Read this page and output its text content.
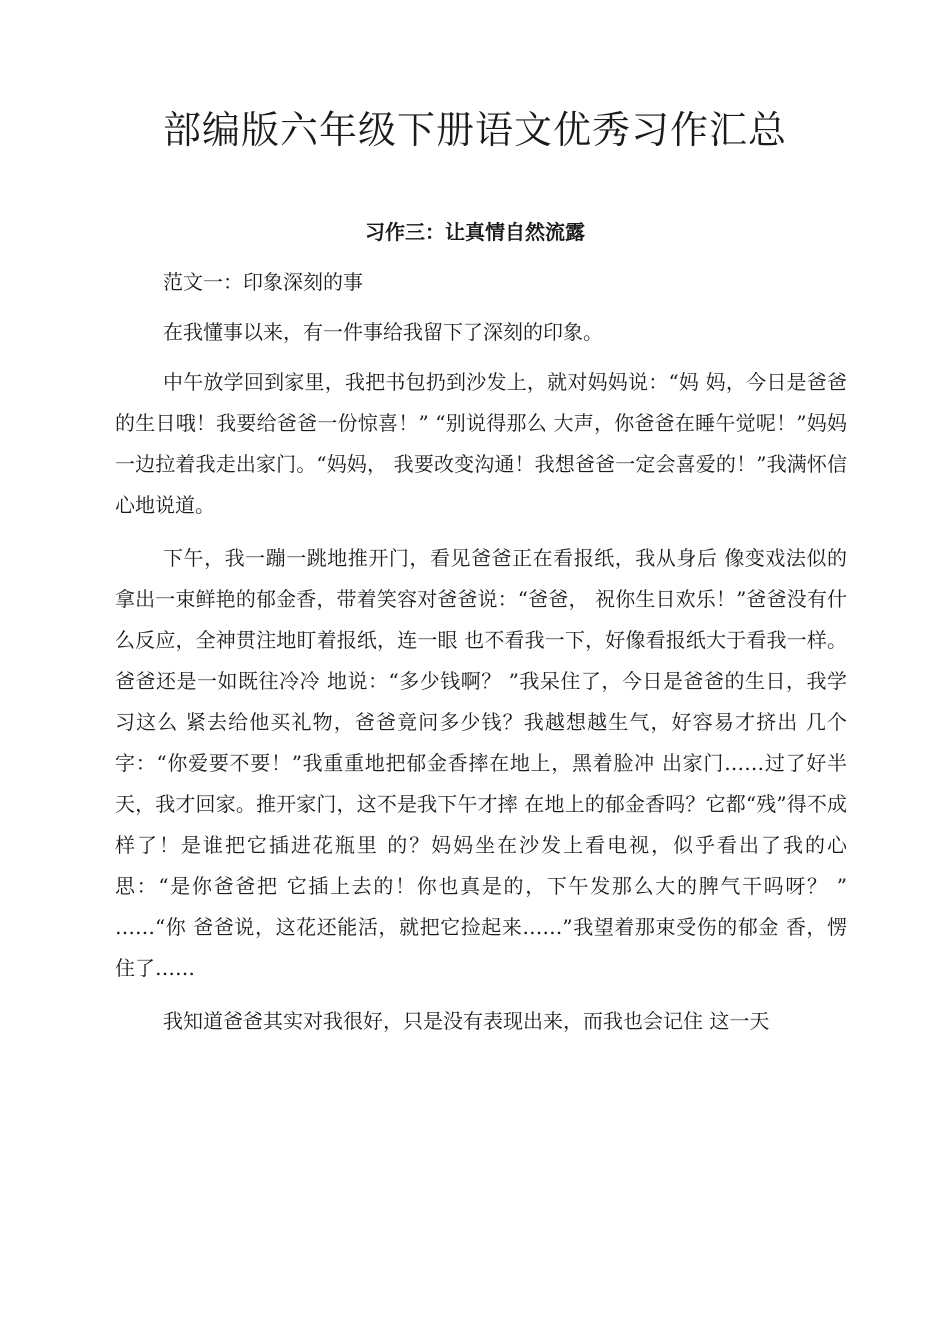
部编版六年级下册语文优秀习作汇总
习作三：让真情自然流露

范文一：印象深刻的事

在我懂事以来，有一件事给我留下了深刻的印象。

中午放学回到家里，我把书包扔到沙发上，就对妈妈说：“妈 妈，今日是爸爸的生日哦！我要给爸爸一份惊喜！” “别说得那么 大声，你爸爸在睡午觉呢！”妈妈一边拉着我走出家门。“妈妈， 我要改变沟通！我想爸爸一定会喜爱的！”我满怀信心地说道。

下午，我一蹦一跳地推开门，看见爸爸正在看报纸，我从身后 像变戏法似的拿出一束鲜艳的郁金香，带着笑容对爸爸说：“爸爸， 祝你生日欢乐！”爸爸没有什么反应，全神贯注地盯着报纸，连一眼 也不看我一下，好像看报纸大于看我一样。爸爸还是一如既往冷冷 地说：“多少钱啊？ ”我呆住了，今日是爸爸的生日，我学习这么 紧去给他买礼物，爸爸竟问多少钱？我越想越生气，好容易才挤出 几个字：“你爱要不要！”我重重地把郁金香摔在地上，黑着脸冲 出家门……过了好半天，我才回家。推开家门，这不是我下午才摔 在地上的郁金香吗？它都“残”得不成样了！是谁把它插进花瓶里 的？妈妈坐在沙发上看电视，似乎看出了我的心思：“是你爸爸把 它插上去的！你也真是的，下午发那么大的脾气干吗呀？ ” ……“你 爸爸说，这花还能活，就把它捡起来……”我望着那束受伤的郁金 香，愣住了……

我知道爸爸其实对我很好，只是没有表现出来，而我也会记住 这一天
